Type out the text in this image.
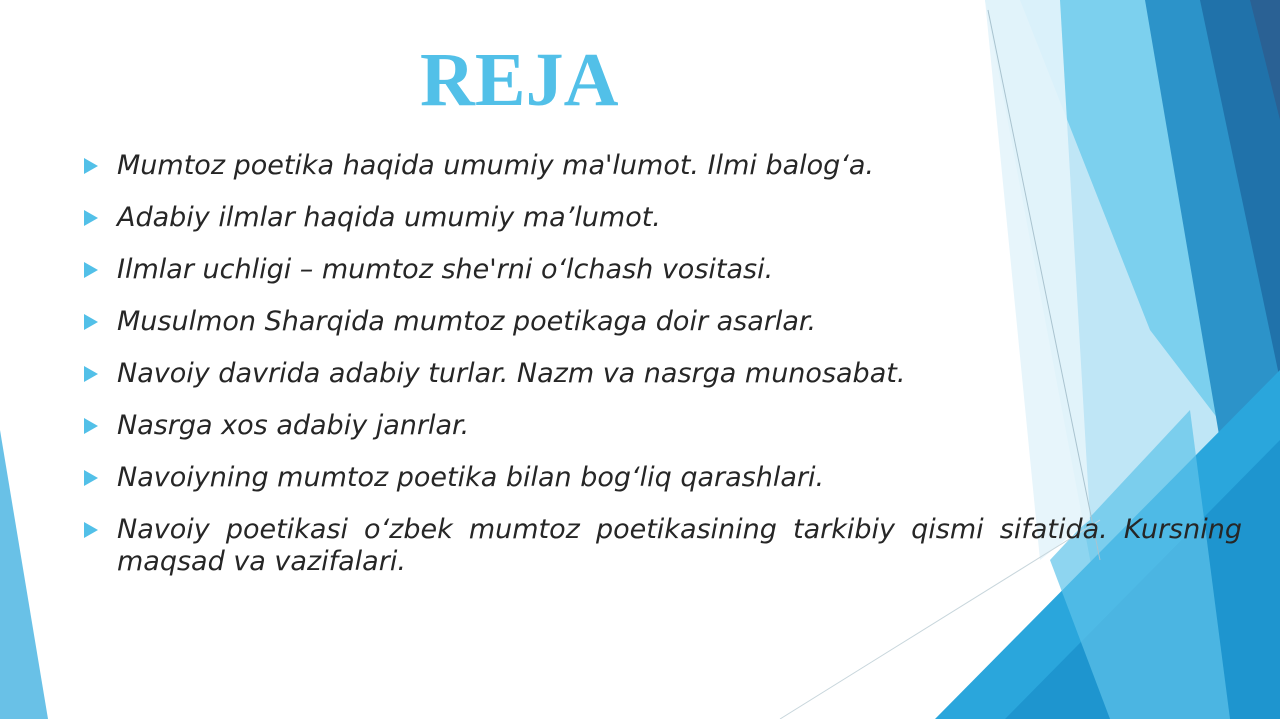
REJA
Mumtoz poetika haqida umumiy ma'lumot. Ilmi balog‘a.
Adabiy ilmlar haqida umumiy ma’lumot.
Ilmlar uchligi – mumtoz she'rni o‘lchash vositasi.
Musulmon Sharqida mumtoz poetikaga doir asarlar.
Navoiy davrida adabiy turlar. Nazm va nasrga munosabat.
Nasrga xos adabiy janrlar.
Navoiyning mumtoz poetika bilan bog‘liq qarashlari.
Navoiy poetikasi o‘zbek mumtoz poetikasining tarkibiy qismi sifatida. Kursning maqsad va vazifalari.
